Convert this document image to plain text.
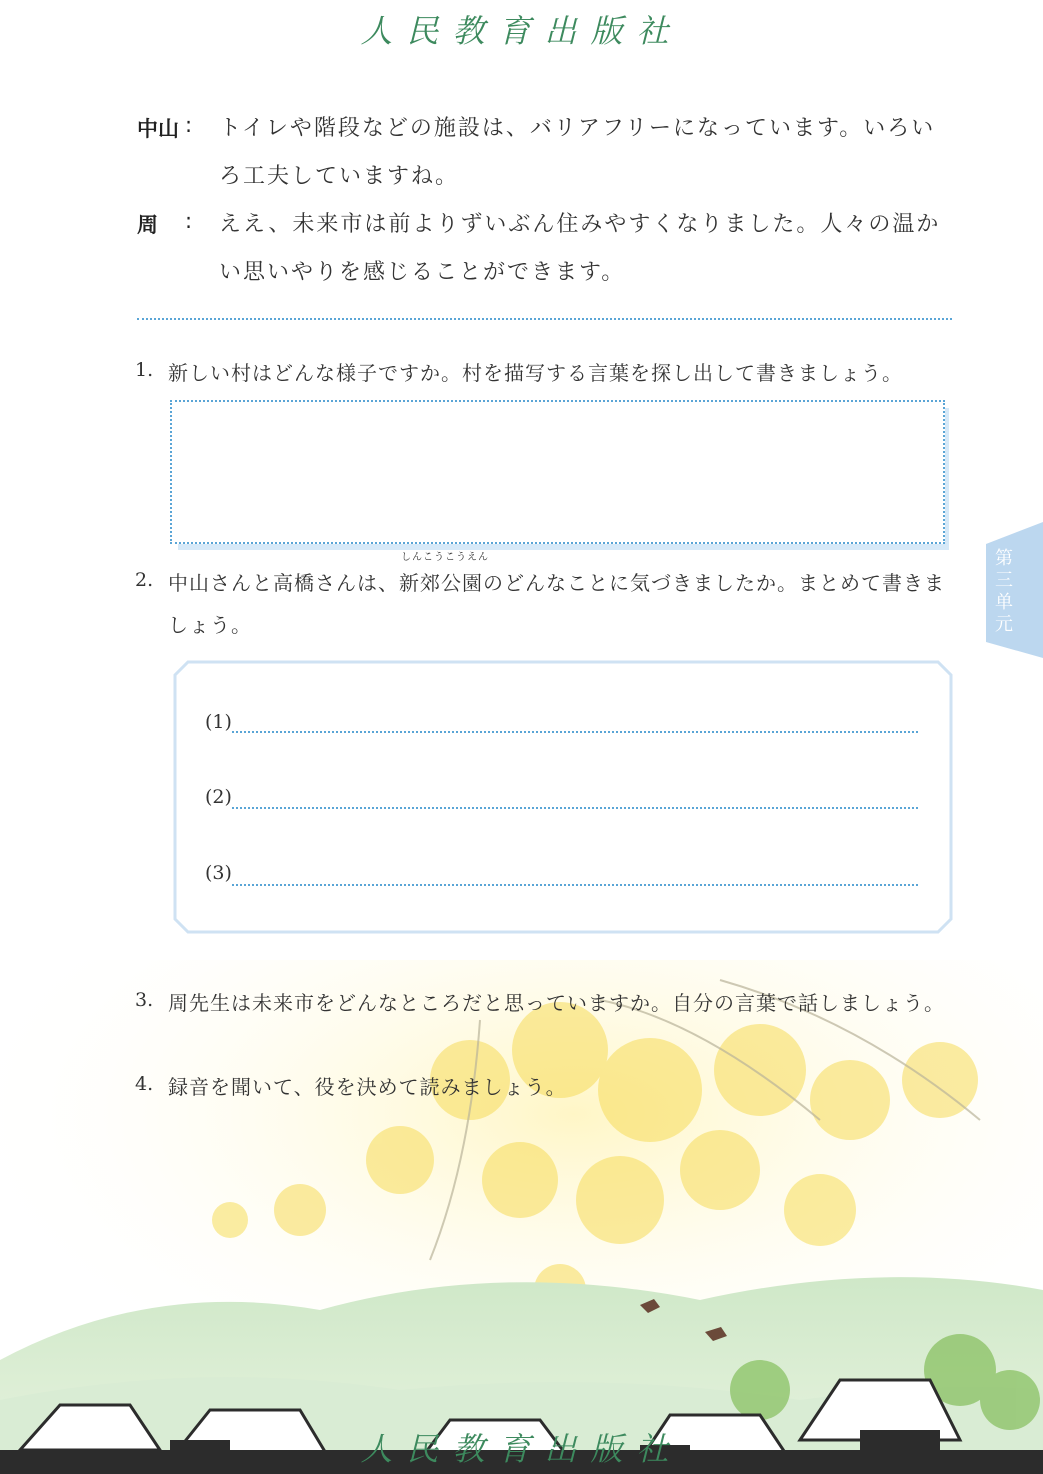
人民教育出版社
中山 : トイレや階段などの施設は、バリアフリーになっています。いろい
ろ工夫していますね。
周 : ええ、未来市は前よりずいぶん住みやすくなりました。人々の温か
い思いやりを感じることができます。
1. 新しい村はどんな様子ですか。村を描写する言葉を探し出して書きましょう。
2. 中山さんと高橋さんは、
しんこうこうえん
新郊公園のどんなことに気づきましたか。まとめて書きま
しょう。
(1)
(2)
(3)
3. 周先生は未来市をどんなところだと思っていますか。自分の言葉で話しましょう。
4. 録音を聞いて、役を決めて読みましょう。
第三单元
人民教育出版社
